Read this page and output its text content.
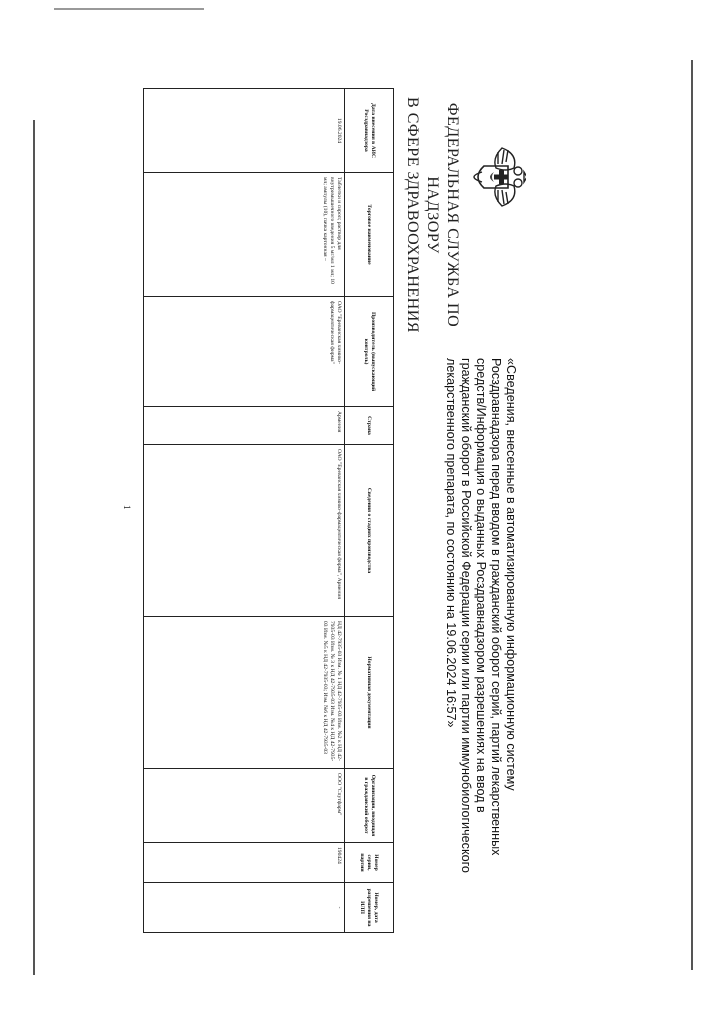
ФЕДЕРАЛЬНАЯ СЛУЖБА ПО НАДЗОРУ
В СФЕРЕ ЗДРАВООХРАНЕНИЯ
«Сведения, внесенные в автоматизированную информационную систему Росздравнадзора перед вводом в гражданский оборот серий, партий лекарственных средств/Информация о выданных Росздравнадзором разрешениях на ввод в гражданский оборот в Российской Федерации серии или партии иммунобиологического лекарственного препарата, по состоянию на 19.06.2024 16:57»
Дата внесения в АИС Росздравнадзора	Торговое наименование	Производитель (выпускающий контроль)	Страна	Сведения о стадиях производства	Нормативная документация	Организация, вводящая в гражданский оборот	Номер серии, партии	Номер, дата разрешения на ИЛП
19.06.2024	Таблетки и сироп; раствор для внутримышечного введения 5 мг/мл 1 мл; 10 мл; ампулы (10), пачка картонная –	ОАО "Ереванская химико-фармацевтическая фирма"	Армения	ОАО "Ереванская химико-фармацевтическая фирма", Армения	НД 42-7935-03 Изм. № 1 НД 42-7935-03 Изм. №2 к НД 42-7935-03 Изм. № 3 к НД 42-7935-03 Изм. №4 к НД 42-7935-03 Изм. №5 к НД 42-7935-03; Изм. №6 к НД 42-7935-03	ООО "Спутфарм"	190424	-
1
